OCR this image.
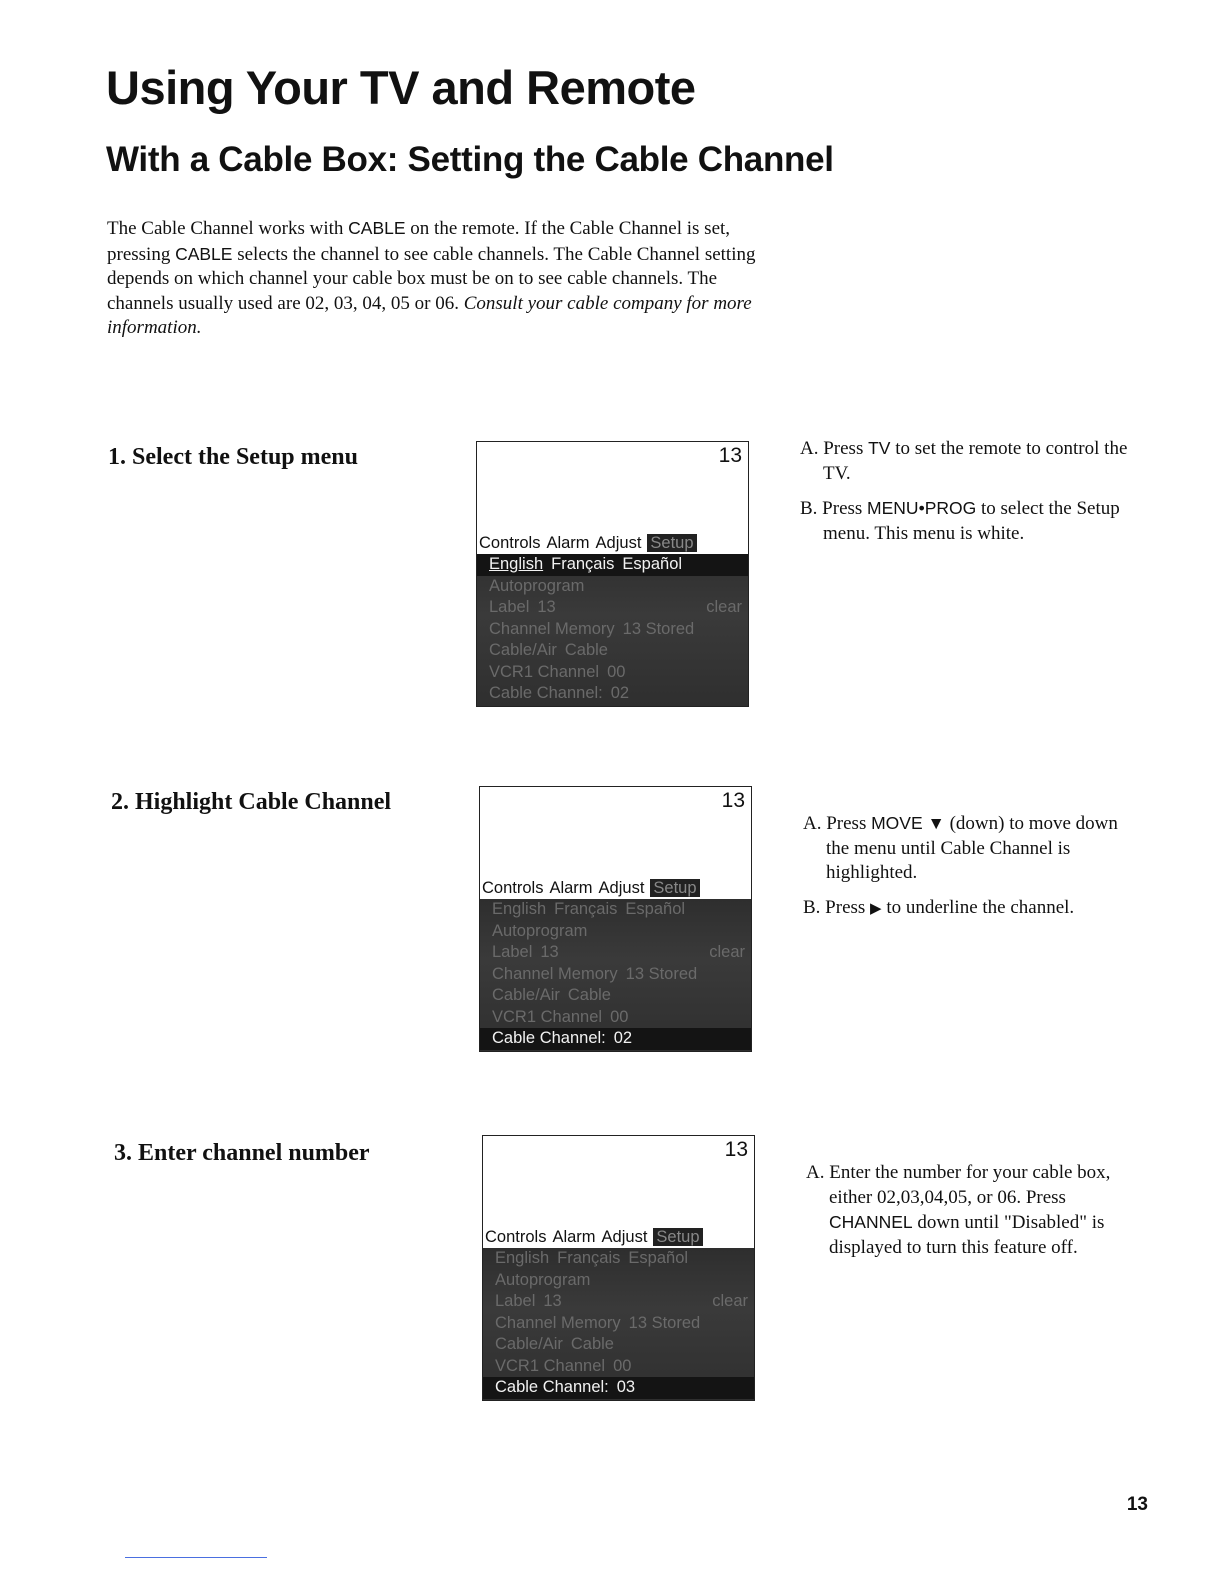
Using Your TV and Remote
With a Cable Box: Setting the Cable Channel

The Cable Channel works with CABLE on the remote. If the Cable Channel is set, pressing CABLE selects the channel to see cable channels. The Cable Channel setting depends on which channel your cable box must be on to see cable channels. The channels usually used are 02, 03, 04, 05 or 06. Consult your cable company for more information.

1. Select the Setup menu	13
Controls Alarm Adjust Setup
English Français Español
Autoprogram
Label 13	clear
Channel Memory 13 Stored
Cable/Air Cable
VCR1 Channel 00
Cable Channel: 02

A. Press TV to set the remote to control the TV.

B. Press MENU•PROG to select the Setup menu. This menu is white.

2. Highlight Cable Channel	13
Controls Alarm Adjust Setup
English Français Español
Autoprogram
Label 13	clear
Channel Memory 13 Stored
Cable/Air Cable
VCR1 Channel 00
Cable Channel: 02

A. Press MOVE ▼ (down) to move down the menu until Cable Channel is highlighted.

B. Press ▶ to underline the channel.

3. Enter channel number	13
Controls Alarm Adjust Setup
English Français Español
Autoprogram
Label 13	clear
Channel Memory 13 Stored
Cable/Air Cable
VCR1 Channel 00
Cable Channel: 03

A. Enter the number for your cable box, either 02,03,04,05, or 06. Press CHANNEL down until "Disabled" is displayed to turn this feature off.

13
